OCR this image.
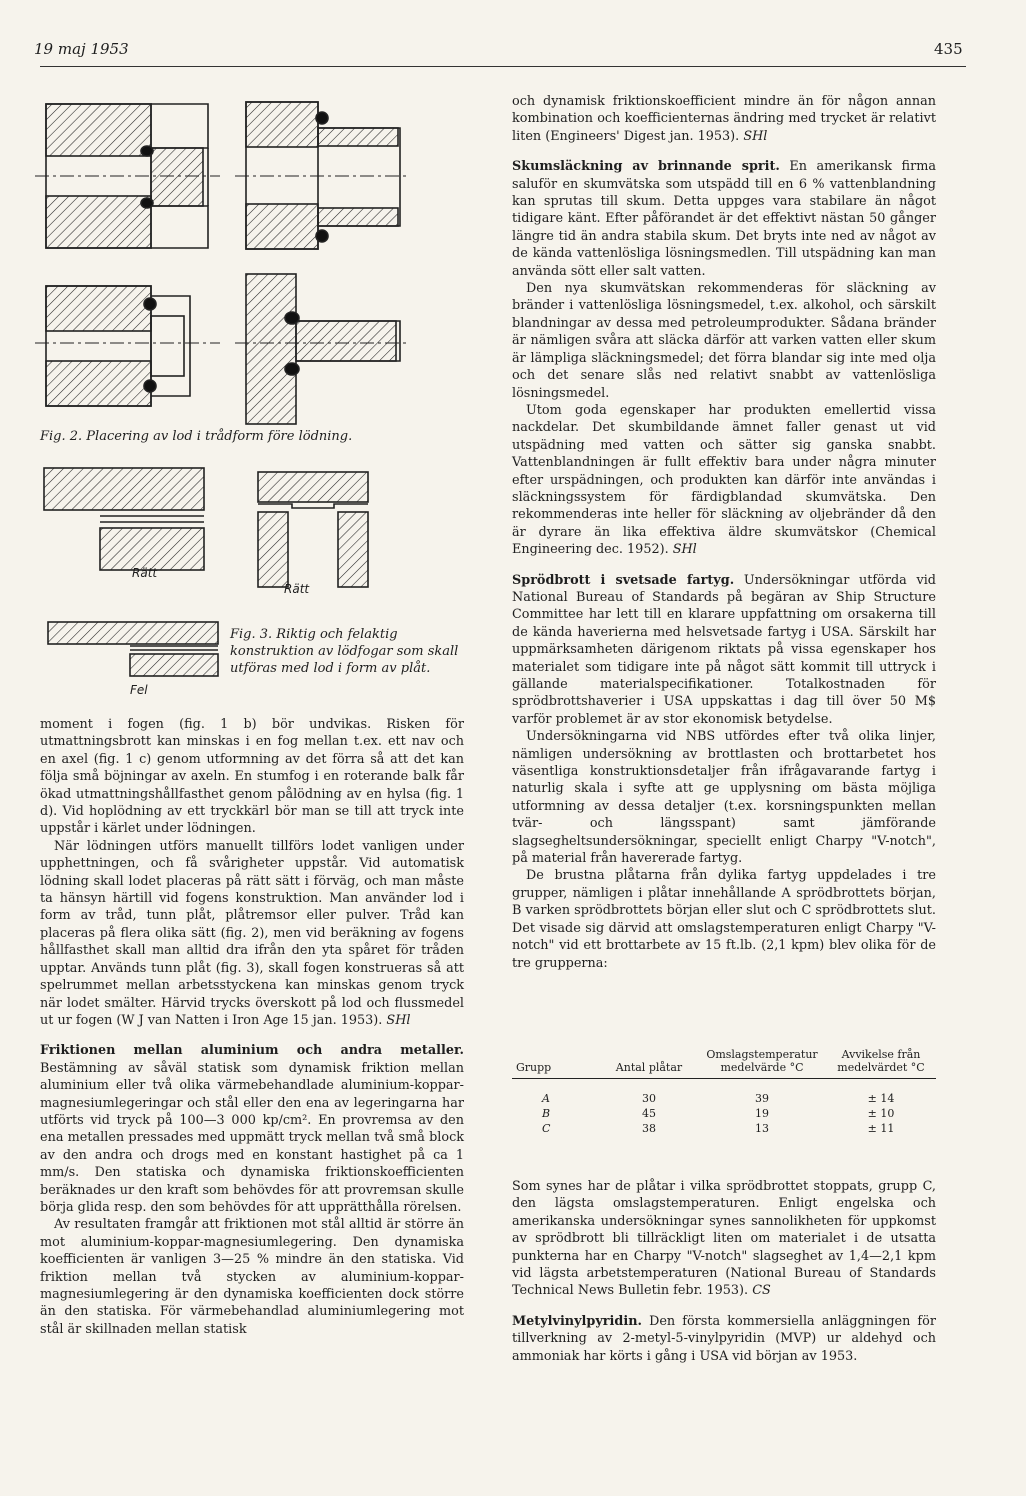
19 maj 1953	435
Fig. 2. Placering av lod i trådform före lödning.
Rätt
Rätt
Fel
Fig. 3. Riktig och felaktig konstruktion av lödfogar som skall utföras med lod i form av plåt.

moment i fogen (fig. 1 b) bör undvikas. Risken för utmattningsbrott kan minskas i en fog mellan t.ex. ett nav och en axel (fig. 1 c) genom utformning av det förra så att det kan följa små böjningar av axeln. En stumfog i en roterande balk får ökad utmattningshållfasthet genom pålödning av en hylsa (fig. 1 d). Vid hoplödning av ett tryckkärl bör man se till att tryck inte uppstår i kärlet under lödningen.

När lödningen utförs manuellt tillförs lodet vanligen under upphettningen, och få svårigheter uppstår. Vid automatisk lödning skall lodet placeras på rätt sätt i förväg, och man måste ta hänsyn härtill vid fogens konstruktion. Man använder lod i form av tråd, tunn plåt, plåtremsor eller pulver. Tråd kan placeras på flera olika sätt (fig. 2), men vid beräkning av fogens hållfasthet skall man alltid dra ifrån den yta spåret för tråden upptar. Används tunn plåt (fig. 3), skall fogen konstrueras så att spelrummet mellan arbetsstyckena kan minskas genom tryck när lodet smälter. Härvid trycks överskott på lod och flussmedel ut ur fogen (W J van Natten i Iron Age 15 jan. 1953). SHl

Friktionen mellan aluminium och andra metaller. Bestämning av såväl statisk som dynamisk friktion mellan aluminium eller två olika värmebehandlade aluminium-koppar-magnesiumlegeringar och stål eller den ena av legeringarna har utförts vid tryck på 100—3 000 kp/cm². En provremsa av den ena metallen pressades med uppmätt tryck mellan två små block av den andra och drogs med en konstant hastighet på ca 1 mm/s. Den statiska och dynamiska friktionskoefficienten beräknades ur den kraft som behövdes för att provremsan skulle börja glida resp. den som behövdes för att upprätthålla rörelsen.

Av resultaten framgår att friktionen mot stål alltid är större än mot aluminium-koppar-magnesiumlegering. Den dynamiska koefficienten är vanligen 3—25 % mindre än den statiska. Vid friktion mellan två stycken av aluminium-koppar-magnesiumlegering är den dynamiska koefficienten dock större än den statiska. För värmebehandlad aluminiumlegering mot stål är skillnaden mellan statisk

och dynamisk friktionskoefficient mindre än för någon annan kombination och koefficienternas ändring med trycket är relativt liten (Engineers' Digest jan. 1953). SHl

Skumsläckning av brinnande sprit. En amerikansk firma saluför en skumvätska som utspädd till en 6 % vattenblandning kan sprutas till skum. Detta uppges vara stabilare än något tidigare känt. Efter påförandet är det effektivt nästan 50 gånger längre tid än andra stabila skum. Det bryts inte ned av något av de kända vattenlösliga lösningsmedlen. Till utspädning kan man använda sött eller salt vatten.

Den nya skumvätskan rekommenderas för släckning av bränder i vattenlösliga lösningsmedel, t.ex. alkohol, och särskilt blandningar av dessa med petroleumprodukter. Sådana bränder är nämligen svåra att släcka därför att varken vatten eller skum är lämpliga släckningsmedel; det förra blandar sig inte med olja och det senare slås ned relativt snabbt av vattenlösliga lösningsmedel.

Utom goda egenskaper har produkten emellertid vissa nackdelar. Det skumbildande ämnet faller genast ut vid utspädning med vatten och sätter sig ganska snabbt. Vattenblandningen är fullt effektiv bara under några minuter efter urspädningen, och produkten kan därför inte användas i släckningssystem för färdigblandad skumvätska. Den rekommenderas inte heller för släckning av oljebränder då den är dyrare än lika effektiva äldre skumvätskor (Chemical Engineering dec. 1952). SHl

Sprödbrott i svetsade fartyg. Undersökningar utförda vid National Bureau of Standards på begäran av Ship Structure Committee har lett till en klarare uppfattning om orsakerna till de kända haverierna med helsvetsade fartyg i USA. Särskilt har uppmärksamheten därigenom riktats på vissa egenskaper hos materialet som tidigare inte på något sätt kommit till uttryck i gällande materialspecifikationer. Totalkostnaden för sprödbrottshaverier i USA uppskattas i dag till över 50 M$ varför problemet är av stor ekonomisk betydelse.

Undersökningarna vid NBS utfördes efter två olika linjer, nämligen undersökning av brottlasten och brottarbetet hos väsentliga konstruktionsdetaljer från ifrågavarande fartyg i naturlig skala i syfte att ge upplysning om bästa möjliga utformning av dessa detaljer (t.ex. korsningspunkten mellan tvär- och längsspant) samt jämförande slagsegheltsundersökningar, speciellt enligt Charpy "V-notch", på material från havererade fartyg.

De brustna plåtarna från dylika fartyg uppdelades i tre grupper, nämligen i plåtar innehållande A sprödbrottets början, B varken sprödbrottets början eller slut och C sprödbrottets slut. Det visade sig därvid att omslagstemperaturen enligt Charpy "V-notch" vid ett brottarbete av 15 ft.lb. (2,1 kpm) blev olika för de tre grupperna:

Grupp	Antal plåtar	Omslagstemperatur medelvärde °C	Avvikelse från medelvärdet °C

A	30	39	± 14
B	45	19	± 10
C	38	13	± 11

Som synes har de plåtar i vilka sprödbrottet stoppats, grupp C, den lägsta omslagstemperaturen. Enligt engelska och amerikanska undersökningar synes sannolikheten för uppkomst av sprödbrott bli tillräckligt liten om materialet i de utsatta punkterna har en Charpy "V-notch" slagseghet av 1,4—2,1 kpm vid lägsta arbetstemperaturen (National Bureau of Standards Technical News Bulletin febr. 1953). CS

Metylvinylpyridin. Den första kommersiella anläggningen för tillverkning av 2-metyl-5-vinylpyridin (MVP) ur aldehyd och ammoniak har körts i gång i USA vid början av 1953.
